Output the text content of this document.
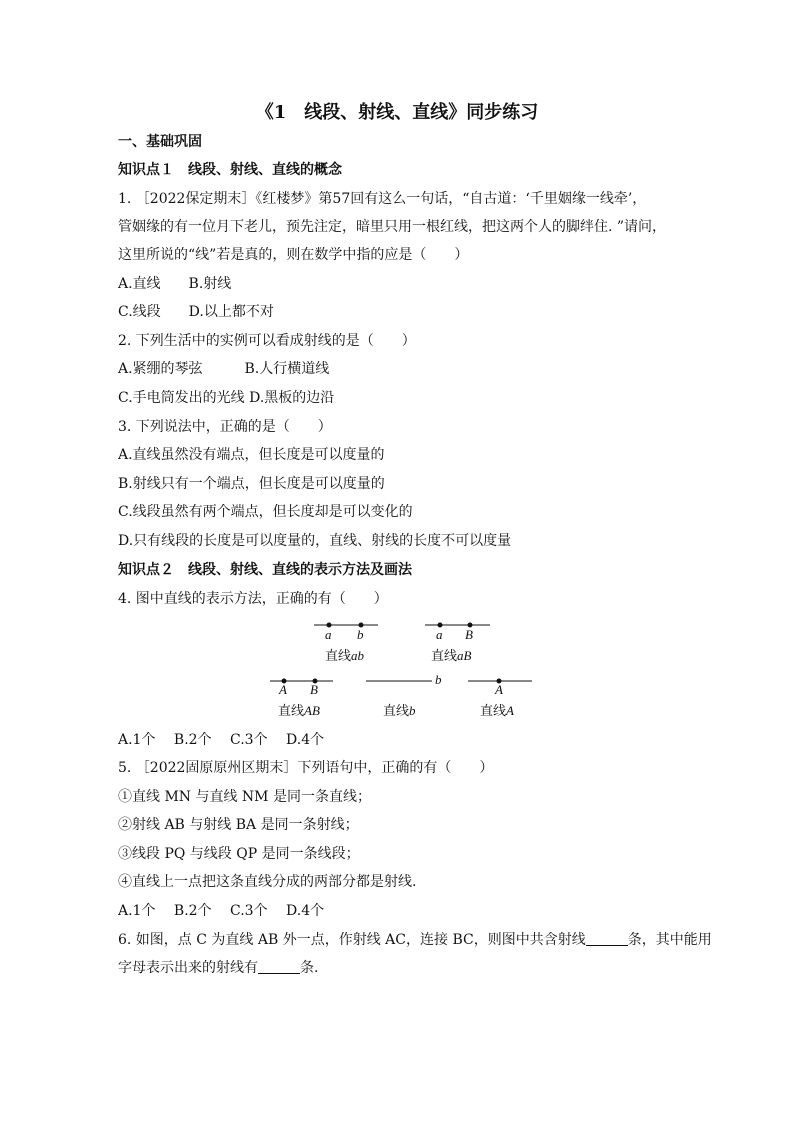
《1　线段、射线、直线》同步练习
一、基础巩固
知识点１　线段、射线、直线的概念
1. ［2022保定期末］《红楼梦》第57回有这么一句话，“自古道：‘千里姻缘一线牵’，
管姻缘的有一位月下老儿，预先注定，暗里只用一根红线，把这两个人的脚绊住. ”请问，
这里所说的“线”若是真的，则在数学中指的应是（　　）
A.直线　　B.射线
C.线段　　D.以上都不对
2. 下列生活中的实例可以看成射线的是（　　）
A.紧绷的琴弦　　　B.人行横道线
C.手电筒发出的光线 D.黑板的边沿
3. 下列说法中，正确的是（　　）
A.直线虽然没有端点，但长度是可以度量的
B.射线只有一个端点，但长度是可以度量的
C.线段虽然有两个端点，但长度却是可以变化的
D.只有线段的长度是可以度量的，直线、射线的长度不可以度量
知识点２　线段、射线、直线的表示方法及画法
4. 图中直线的表示方法，正确的有（　　）
a b
直线ab
a B
直线aB
A B
直线AB
b
直线b
A
直线A
A.1个　 B.2个　 C.3个　 D.4个
5. ［2022固原原州区期末］下列语句中，正确的有（　　）
①直线 MN 与直线 NM 是同一条直线；
②射线 AB 与射线 BA 是同一条射线；
③线段 PQ 与线段 QP 是同一条线段；
④直线上一点把这条直线分成的两部分都是射线.
A.1个　 B.2个　 C.3个　 D.4个
6. 如图，点 C 为直线 AB 外一点，作射线 AC，连接 BC，则图中共含射线	条，其中能用
字母表示出来的射线有	条.
